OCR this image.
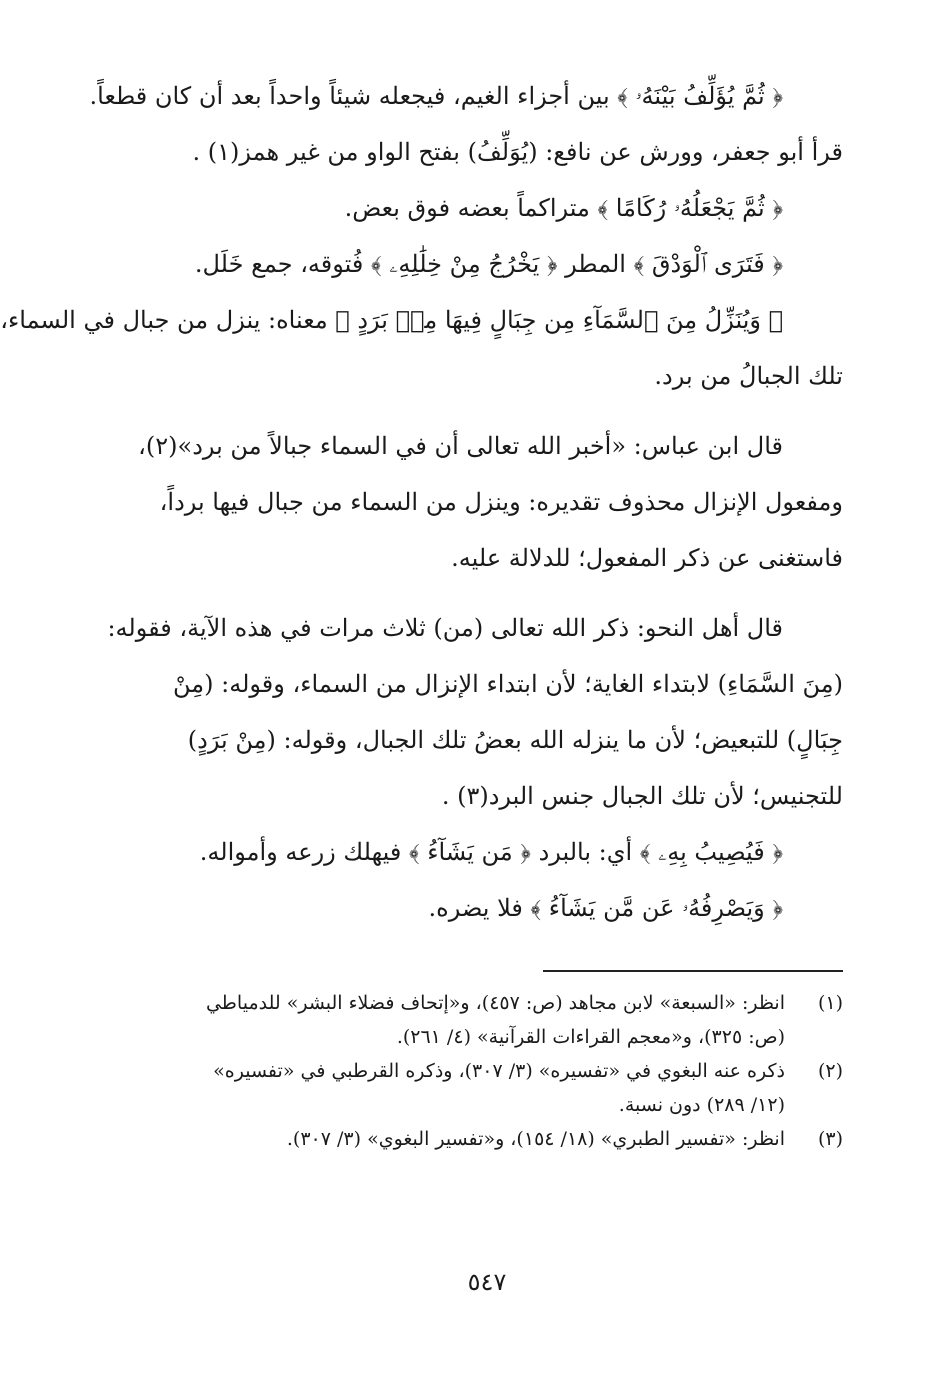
﴿ ثُمَّ يُؤَلِّفُ بَيْنَهُۥ ﴾ بين أجزاء الغيم، فيجعله شيئاً واحداً بعد أن كان قطعاً.
قرأ أبو جعفر، وورش عن نافع: (يُوَلِّفُ) بفتح الواو من غير همز(١) .
﴿ ثُمَّ يَجْعَلُهُۥ رُكَامًا ﴾ متراكماً بعضه فوق بعض.
﴿ فَتَرَى ٱلْوَدْقَ ﴾ المطر ﴿ يَخْرُجُ مِنْ خِلَٰلِهِۦ ﴾ فُتوقه، جمع خَلَل.
﴿ وَيُنَزِّلُ مِنَ ٱلسَّمَآءِ مِن جِبَالٍ فِيهَا مِنۢ بَرَدٍ ﴾ معناه: ينزل من جبال في السماء،
تلك الجبالُ من برد.
قال ابن عباس: «أخبر الله تعالى أن في السماء جبالاً من برد»(٢)،
ومفعول الإنزال محذوف تقديره: وينزل من السماء من جبال فيها برداً،
فاستغنى عن ذكر المفعول؛ للدلالة عليه.
قال أهل النحو: ذكر الله تعالى (من) ثلاث مرات في هذه الآية، فقوله:
(مِنَ السَّمَاءِ) لابتداء الغاية؛ لأن ابتداء الإنزال من السماء، وقوله: (مِنْ
جِبَالٍ) للتبعيض؛ لأن ما ينزله الله بعضُ تلك الجبال، وقوله: (مِنْ بَرَدٍ)
للتجنيس؛ لأن تلك الجبال جنس البرد(٣) .
﴿ فَيُصِيبُ بِهِۦ ﴾ أي: بالبرد ﴿ مَن يَشَآءُ ﴾ فيهلك زرعه وأمواله.
﴿ وَيَصْرِفُهُۥ عَن مَّن يَشَآءُ ﴾ فلا يضره.
(١)
انظر: «السبعة» لابن مجاهد (ص: ٤٥٧)، و«إتحاف فضلاء البشر» للدمياطي
(ص: ٣٢٥)، و«معجم القراءات القرآنية» (٤/ ٢٦١).
(٢)
ذكره عنه البغوي في «تفسيره» (٣/ ٣٠٧)، وذكره القرطبي في «تفسيره»
(١٢/ ٢٨٩) دون نسبة.
(٣)
انظر: «تفسير الطبري» (١٨/ ١٥٤)، و«تفسير البغوي» (٣/ ٣٠٧).
٥٤٧
